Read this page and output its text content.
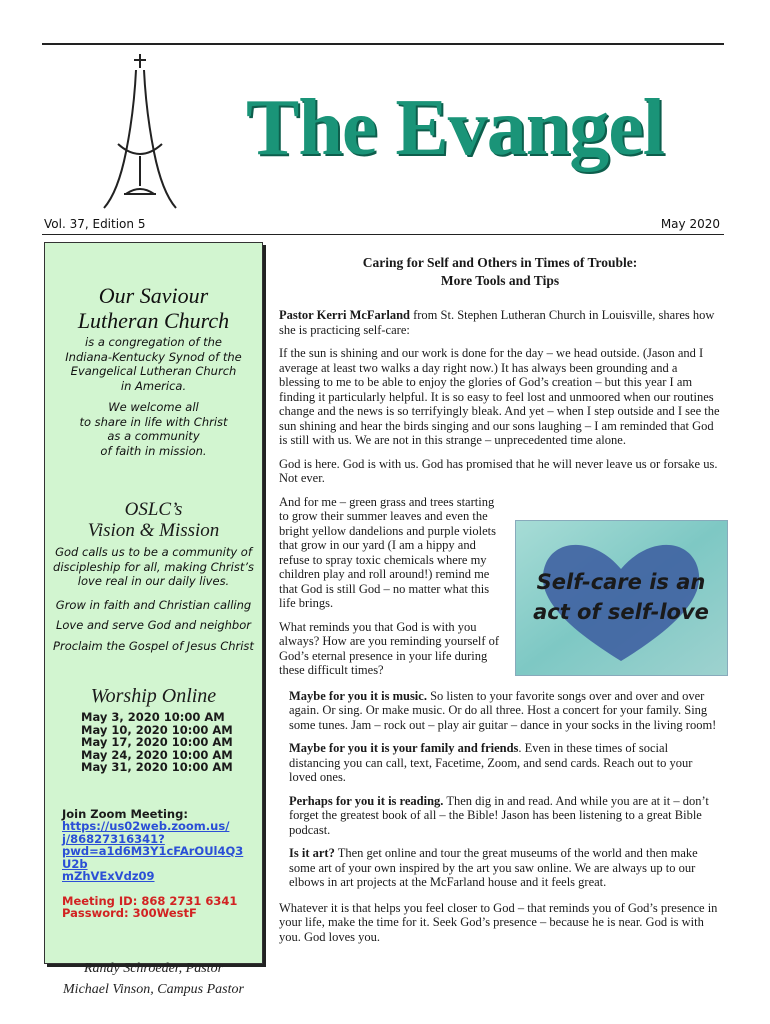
The Evangel
Vol. 37, Edition 5	May 2020
Our Saviour
Lutheran Church

is a congregation of the

Indiana-Kentucky Synod of the

Evangelical Lutheran Church

in America.

We welcome all

to share in life with Christ

as a community

of faith in mission.

OSLC’s
Vision & Mission

God calls us to be a community of

discipleship for all, making Christ’s

love real in our daily lives.

Grow in faith and Christian calling

Love and serve God and neighbor

Proclaim the Gospel of Jesus Christ

Worship Online
May 3, 2020 10:00 AM
May 10, 2020 10:00 AM
May 17, 2020 10:00 AM
May 24, 2020 10:00 AM
May 31, 2020 10:00 AM
Join Zoom Meeting:
https://us02web.zoom.us/
j/86827316341?
pwd=a1d6M3Y1cFArOUl4Q3U2b
mZhVExVdz09
Meeting ID: 868 2731 6341
Password: 300WestF

Randy Schroeder, Pastor

Michael Vinson, Campus Pastor

Caring for Self and Others in Times of Trouble:
More Tools and Tips

Pastor Kerri McFarland from St. Stephen Lutheran Church in Louisville, shares how she is practicing self-care:

If the sun is shining and our work is done for the day – we head outside. (Jason and I average at least two walks a day right now.) It has always been grounding and a blessing to me to be able to enjoy the glories of God’s creation – but this year I am finding it particularly helpful. It is so easy to feel lost and unmoored when our routines change and the news is so terrifyingly bleak. And yet – when I step outside and I see the sun shining and hear the birds singing and our sons laughing – I am reminded that God is still with us. We are not in this strange – unprecedented time alone.

God is here. God is with us. God has promised that he will never leave us or forsake us. Not ever.

And for me – green grass and trees starting to grow their summer leaves and even the bright yellow dandelions and purple violets that grow in our yard (I am a hippy and refuse to spray toxic chemicals where my children play and roll around!) remind me that God is still God – no matter what this life brings.

What reminds you that God is with you always? How are you reminding yourself of God’s eternal presence in your life during these difficult times?

Maybe for you it is music. So listen to your favorite songs over and over and over again. Or sing. Or make music. Or do all three. Host a concert for your family. Sing some tunes. Jam – rock out – play air guitar – dance in your socks in the living room!

Maybe for you it is your family and friends. Even in these times of social distancing you can call, text, Facetime, Zoom, and send cards. Reach out to your loved ones.

Perhaps for you it is reading. Then dig in and read. And while you are at it – don’t forget the greatest book of all – the Bible! Jason has been listening to a great Bible podcast.

Is it art? Then get online and tour the great museums of the world and then make some art of your own inspired by the art you saw online. We are always up to our elbows in art projects at the McFarland house and it feels great.

Whatever it is that helps you feel closer to God – that reminds you of God’s presence in your life, make the time for it. Seek God’s presence – because he is near. God is with you. God loves you.

Self-care is an
act of self-love
